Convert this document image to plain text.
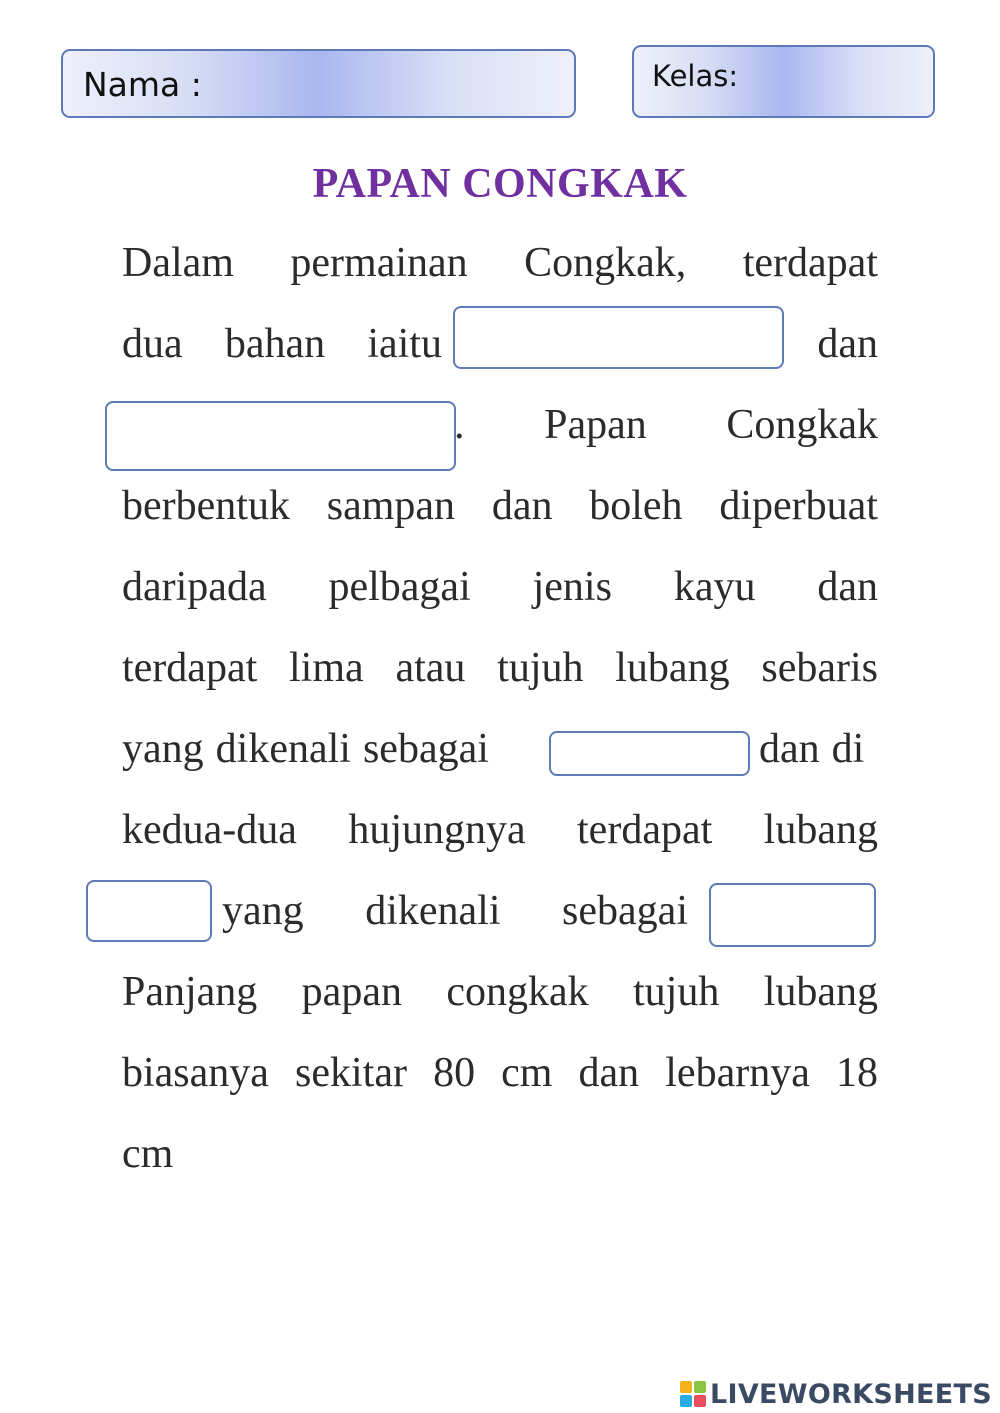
Nama :	Kelas:
PAPAN CONGKAK
Dalam permainan Congkak, terdapat
dua bahan iaitu	dan
. Papan Congkak
berbentuk sampan dan boleh diperbuat
daripada pelbagai jenis kayu dan
terdapat lima atau tujuh lubang sebaris
yang dikenali sebagai	dan di
kedua-dua hujungnya terdapat lubang
yang dikenali sebagai
Panjang papan congkak tujuh lubang
biasanya sekitar 80 cm dan lebarnya 18
cm
LIVEWORKSHEETS
